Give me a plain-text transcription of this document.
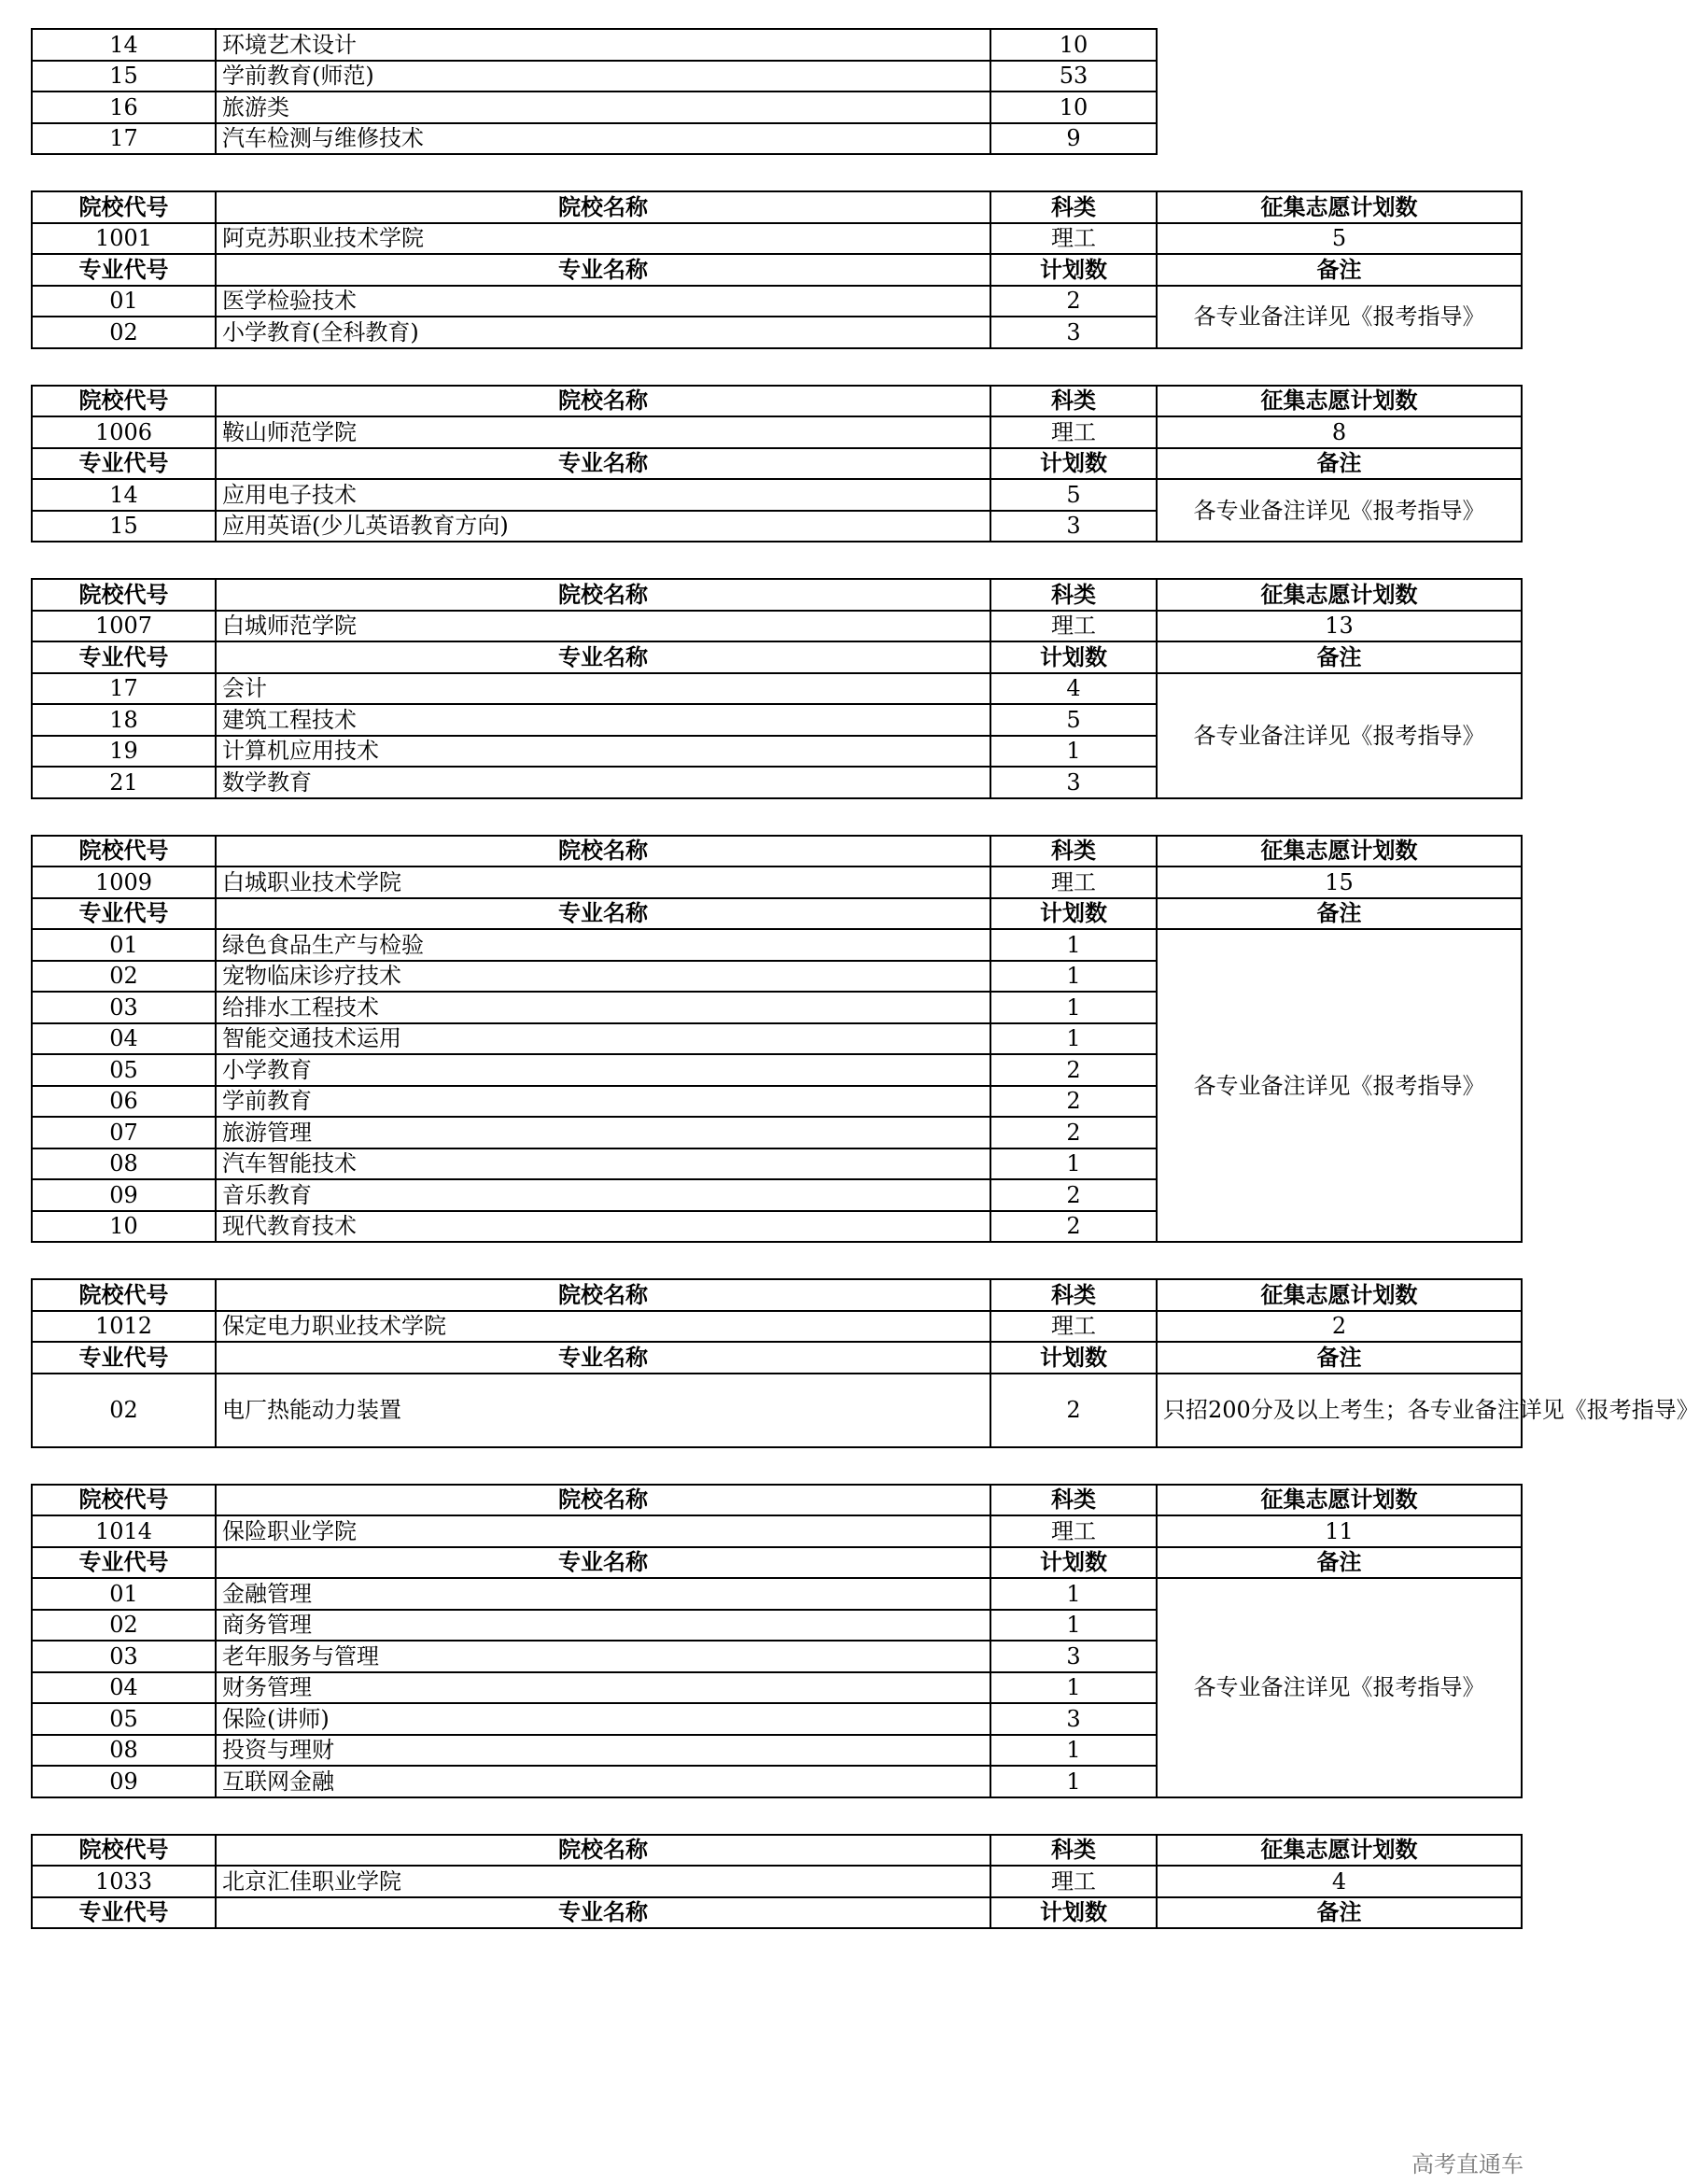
14	环境艺术设计	10	
15	学前教育(师范)	53	
16	旅游类	10	
17	汽车检测与维修技术	9	
院校代号	院校名称	科类	征集志愿计划数
1001	阿克苏职业技术学院	理工	5
专业代号	专业名称	计划数	备注
01	医学检验技术	2	各专业备注详见《报考指导》
02	小学教育(全科教育)	3	
院校代号	院校名称	科类	征集志愿计划数
1006	鞍山师范学院	理工	8
专业代号	专业名称	计划数	备注
14	应用电子技术	5	各专业备注详见《报考指导》
15	应用英语(少儿英语教育方向)	3	
院校代号	院校名称	科类	征集志愿计划数
1007	白城师范学院	理工	13
专业代号	专业名称	计划数	备注
17	会计	4	各专业备注详见《报考指导》
18	建筑工程技术	5	
19	计算机应用技术	1	
21	数学教育	3	
院校代号	院校名称	科类	征集志愿计划数
1009	白城职业技术学院	理工	15
专业代号	专业名称	计划数	备注
01	绿色食品生产与检验	1	各专业备注详见《报考指导》
02	宠物临床诊疗技术	1	
03	给排水工程技术	1	
04	智能交通技术运用	1	
05	小学教育	2	
06	学前教育	2	
07	旅游管理	2	
08	汽车智能技术	1	
09	音乐教育	2	
10	现代教育技术	2	
院校代号	院校名称	科类	征集志愿计划数
1012	保定电力职业技术学院	理工	2
专业代号	专业名称	计划数	备注
02	电厂热能动力装置	2	只招200分及以上考生；各专业备注详见《报考指导》
院校代号	院校名称	科类	征集志愿计划数
1014	保险职业学院	理工	11
专业代号	专业名称	计划数	备注
01	金融管理	1	各专业备注详见《报考指导》
02	商务管理	1	
03	老年服务与管理	3	
04	财务管理	1	
05	保险(讲师)	3	
08	投资与理财	1	
09	互联网金融	1	
院校代号	院校名称	科类	征集志愿计划数
1033	北京汇佳职业学院	理工	4
专业代号	专业名称	计划数	备注
高考直通车
